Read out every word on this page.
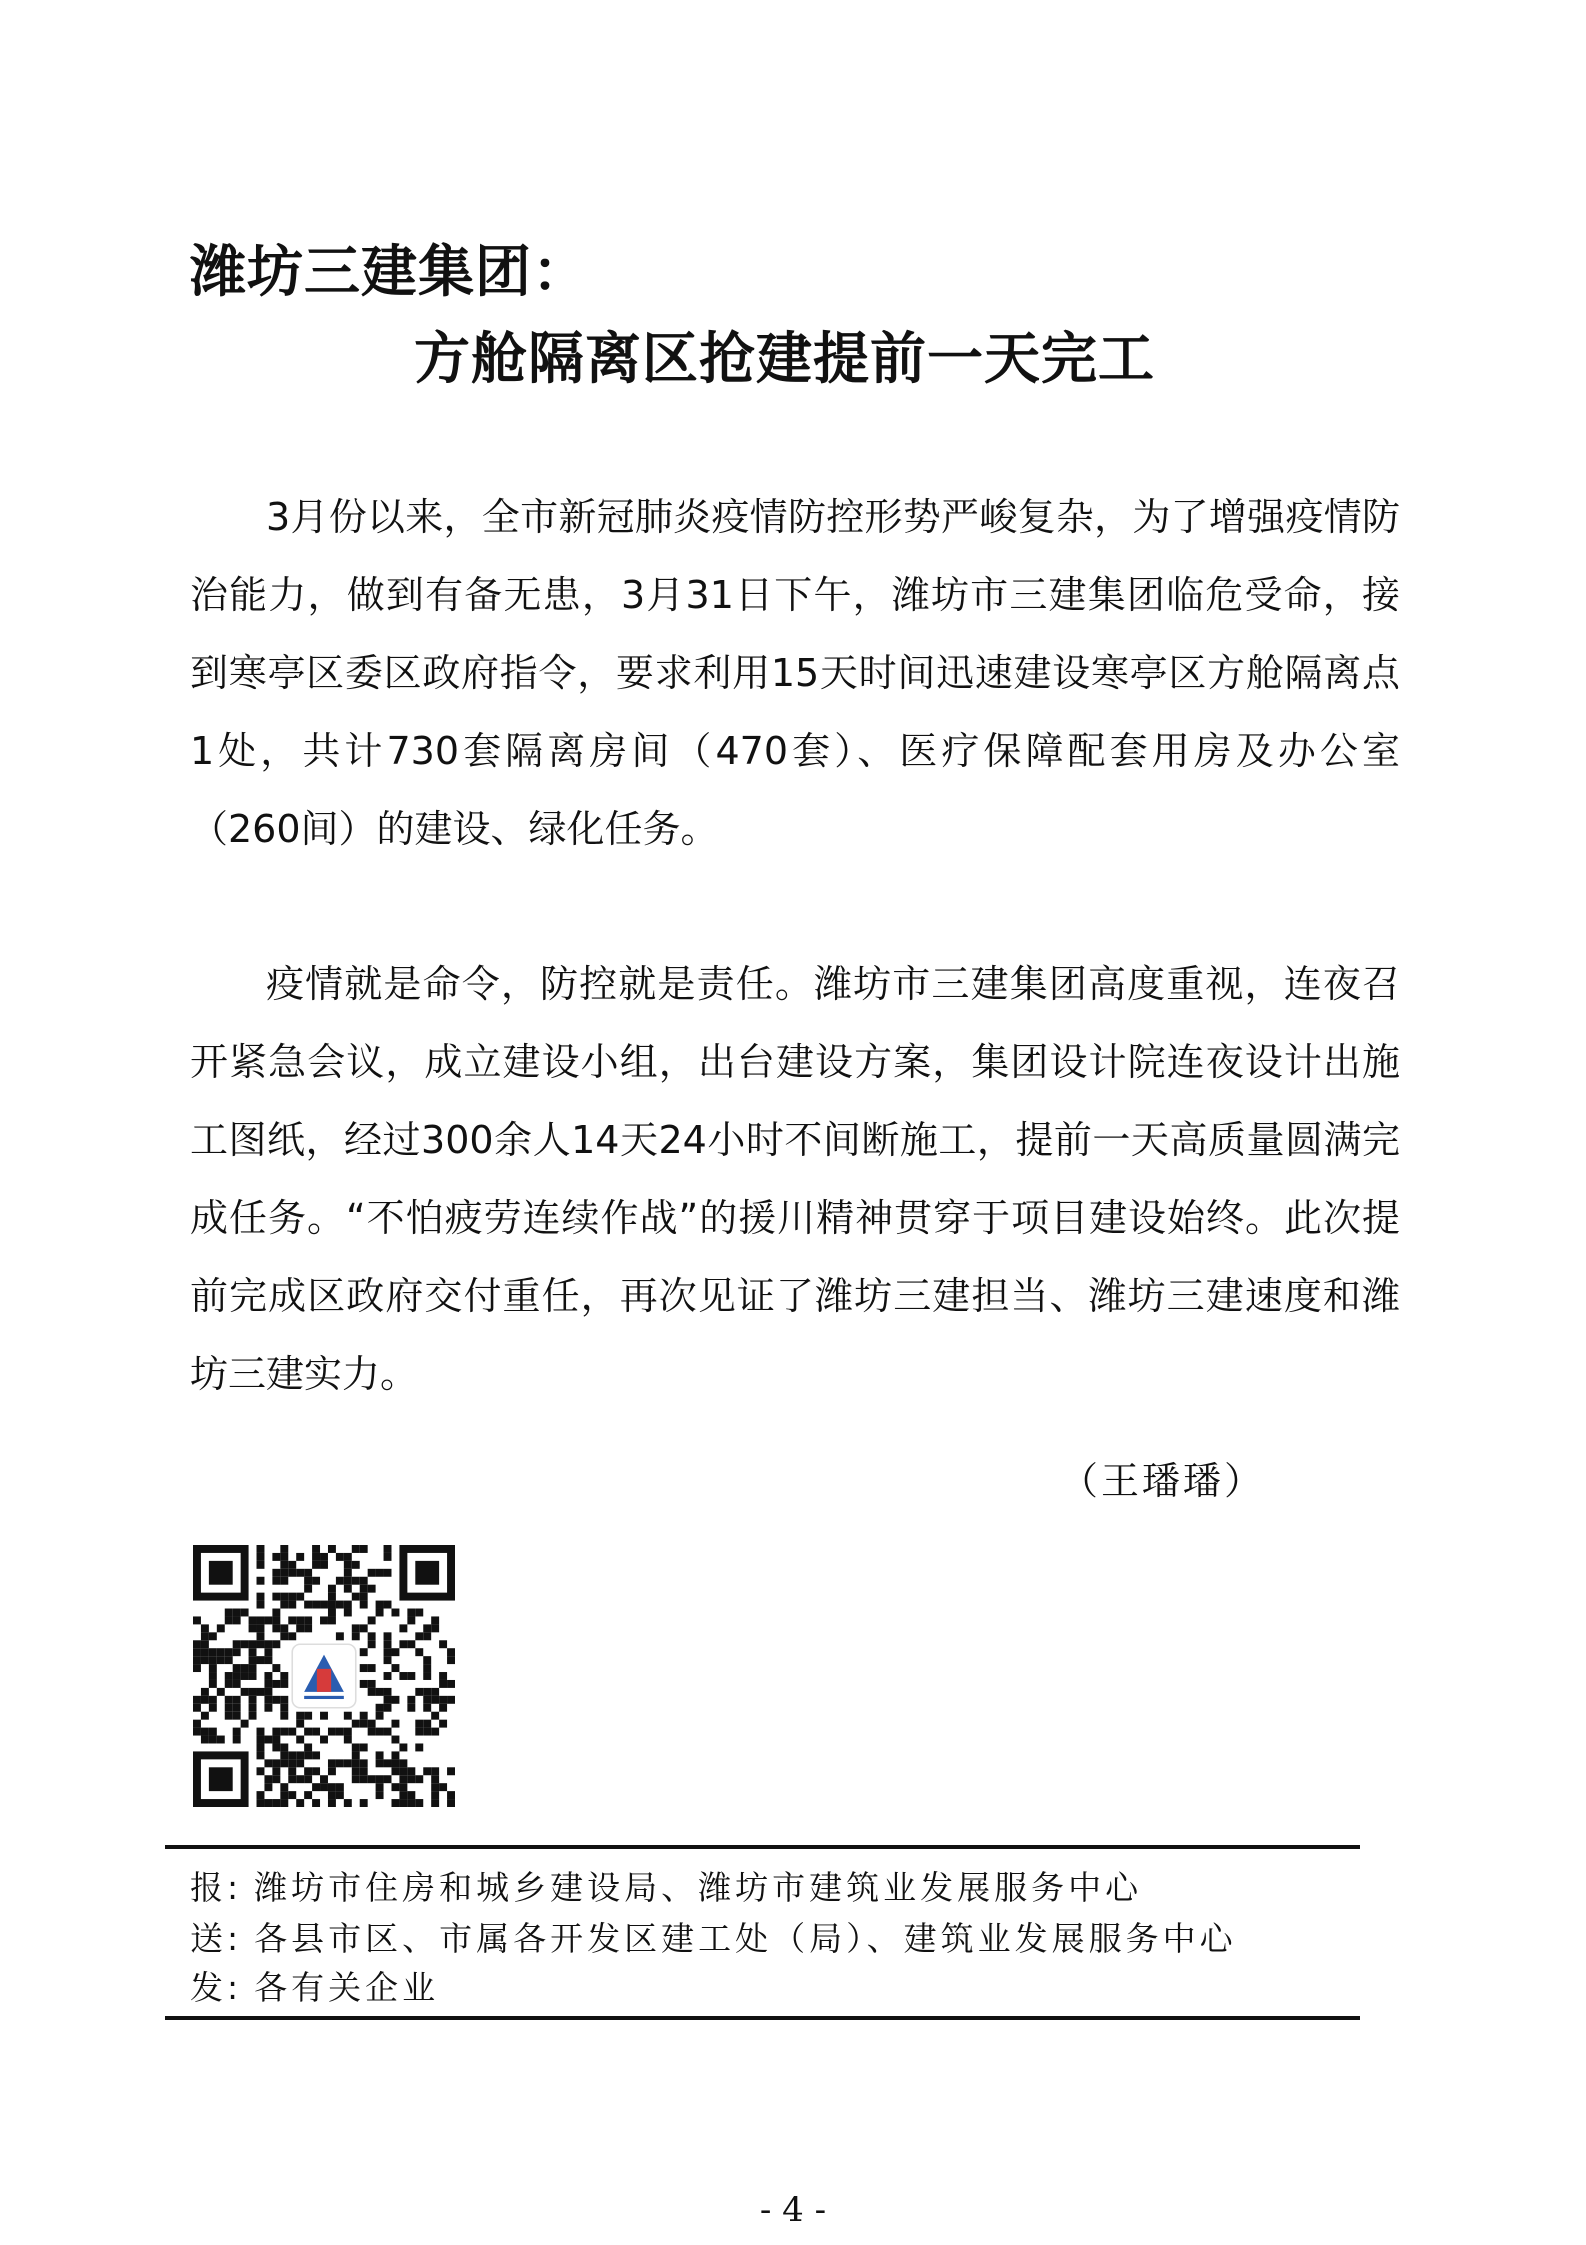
潍坊三建集团：
方舱隔离区抢建提前一天完工

3月份以来，全市新冠肺炎疫情防控形势严峻复杂，为了增强疫情防治能力，做到有备无患，3月31日下午，潍坊市三建集团临危受命，接到寒亭区委区政府指令，要求利用15天时间迅速建设寒亭区方舱隔离点1处，共计730套隔离房间（470套）、医疗保障配套用房及办公室（260间）的建设、绿化任务。

疫情就是命令，防控就是责任。潍坊市三建集团高度重视，连夜召开紧急会议，成立建设小组，出台建设方案，集团设计院连夜设计出施工图纸，经过300余人14天24小时不间断施工，提前一天高质量圆满完成任务。“不怕疲劳连续作战”的援川精神贯穿于项目建设始终。此次提前完成区政府交付重任，再次见证了潍坊三建担当、潍坊三建速度和潍坊三建实力。

（王璠璠）
报: 潍坊市住房和城乡建设局、潍坊市建筑业发展服务中心
送: 各县市区、市属各开发区建工处（局）、建筑业发展服务中心
发: 各有关企业
- 4 -
